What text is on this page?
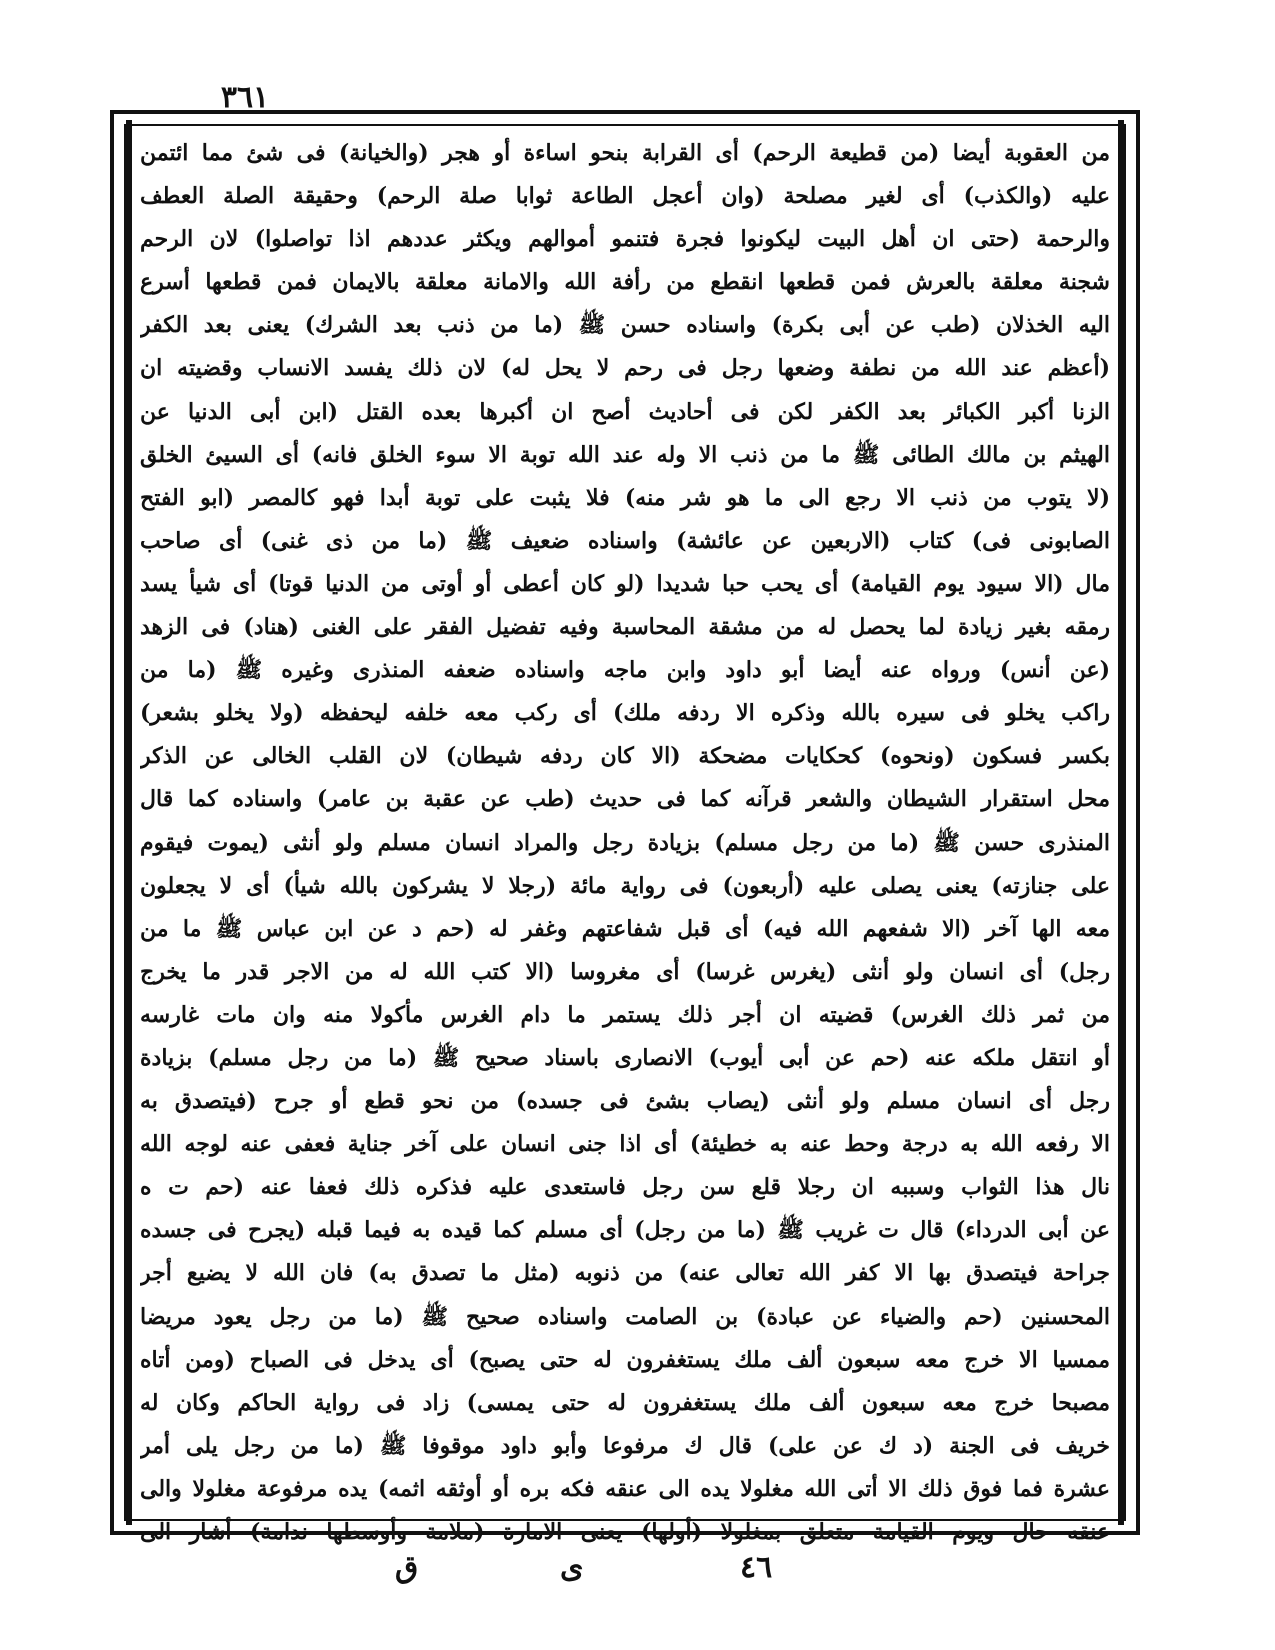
٣٦١
من العقوبة أيضا (من قطيعة الرحم) أى القرابة بنحو اساءة أو هجر (والخيانة) فى شئ مما ائتمن
عليه (والكذب) أى لغير مصلحة (وان أعجل الطاعة ثوابا صلة الرحم) وحقيقة الصلة العطف
والرحمة (حتى ان أهل البيت ليكونوا فجرة فتنمو أموالهم ويكثر عددهم اذا تواصلوا) لان الرحم
شجنة معلقة بالعرش فمن قطعها انقطع من رأفة الله والامانة معلقة بالايمان فمن قطعها أسرع
اليه الخذلان (طب عن أبى بكرة) واسناده حسن ﷺ (ما من ذنب بعد الشرك) يعنى بعد الكفر
(أعظم عند الله من نطفة وضعها رجل فى رحم لا يحل له) لان ذلك يفسد الانساب وقضيته ان
الزنا أكبر الكبائر بعد الكفر لكن فى أحاديث أصح ان أكبرها بعده القتل (ابن أبى الدنيا عن
الهيثم بن مالك الطائى ﷺ ما من ذنب الا وله عند الله توبة الا سوء الخلق فانه) أى السيئ الخلق
(لا يتوب من ذنب الا رجع الى ما هو شر منه) فلا يثبت على توبة أبدا فهو كالمصر (ابو الفتح
الصابونى فى) كتاب (الاربعين عن عائشة) واسناده ضعيف ﷺ (ما من ذى غنى) أى صاحب
مال (الا سيود يوم القيامة) أى يحب حبا شديدا (لو كان أعطى أو أوتى من الدنيا قوتا) أى شيأ يسد
رمقه بغير زيادة لما يحصل له من مشقة المحاسبة وفيه تفضيل الفقر على الغنى (هناد) فى الزهد
(عن أنس) ورواه عنه أيضا أبو داود وابن ماجه واسناده ضعفه المنذرى وغيره ﷺ (ما من
راكب يخلو فى سيره بالله وذكره الا ردفه ملك) أى ركب معه خلفه ليحفظه (ولا يخلو بشعر)
بكسر فسكون (ونحوه) كحكايات مضحكة (الا كان ردفه شيطان) لان القلب الخالى عن الذكر
محل استقرار الشيطان والشعر قرآنه كما فى حديث (طب عن عقبة بن عامر) واسناده كما قال
المنذرى حسن ﷺ (ما من رجل مسلم) بزيادة رجل والمراد انسان مسلم ولو أنثى (يموت فيقوم
على جنازته) يعنى يصلى عليه (أربعون) فى رواية مائة (رجلا لا يشركون بالله شيأ) أى لا يجعلون
معه الها آخر (الا شفعهم الله فيه) أى قبل شفاعتهم وغفر له (حم د عن ابن عباس ﷺ ما من
رجل) أى انسان ولو أنثى (يغرس غرسا) أى مغروسا (الا كتب الله له من الاجر قدر ما يخرج
من ثمر ذلك الغرس) قضيته ان أجر ذلك يستمر ما دام الغرس مأكولا منه وان مات غارسه
أو انتقل ملكه عنه (حم عن أبى أيوب) الانصارى باسناد صحيح ﷺ (ما من رجل مسلم) بزيادة
رجل أى انسان مسلم ولو أنثى (يصاب بشئ فى جسده) من نحو قطع أو جرح (فيتصدق به
الا رفعه الله به درجة وحط عنه به خطيئة) أى اذا جنى انسان على آخر جناية فعفى عنه لوجه الله
نال هذا الثواب وسببه ان رجلا قلع سن رجل فاستعدى عليه فذكره ذلك فعفا عنه (حم ت ه
عن أبى الدرداء) قال ت غريب ﷺ (ما من رجل) أى مسلم كما قيده به فيما قبله (يجرح فى جسده
جراحة فيتصدق بها الا كفر الله تعالى عنه) من ذنوبه (مثل ما تصدق به) فان الله لا يضيع أجر
المحسنين (حم والضياء عن عبادة) بن الصامت واسناده صحيح ﷺ (ما من رجل يعود مريضا
ممسيا الا خرج معه سبعون ألف ملك يستغفرون له حتى يصبح) أى يدخل فى الصباح (ومن أتاه
مصبحا خرج معه سبعون ألف ملك يستغفرون له حتى يمسى) زاد فى رواية الحاكم وكان له
خريف فى الجنة (د ك عن على) قال ك مرفوعا وأبو داود موقوفا ﷺ (ما من رجل يلى أمر
عشرة فما فوق ذلك الا أتى الله مغلولا يده الى عنقه فكه بره أو أوثقه اثمه) يده مرفوعة مغلولا والى
عنقه حال ويوم القيامة متعلق بمغلولا (أولها) يعنى الامارة (ملامة وأوسطها ندامة) أشار الى
ق	ى	٤٦
